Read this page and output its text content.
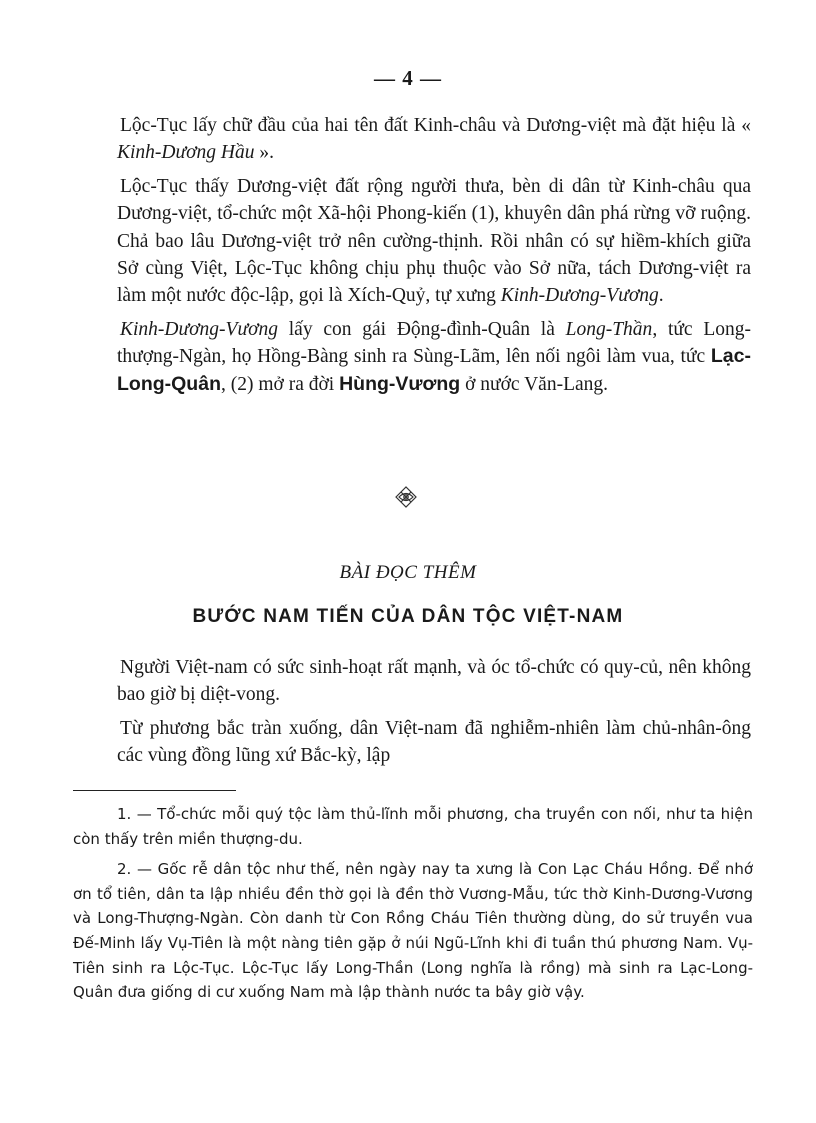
— 4 —

Lộc-Tục lấy chữ đầu của hai tên đất Kinh-châu và Dương-việt mà đặt hiệu là « Kinh-Dương Hầu ».

Lộc-Tục thấy Dương-việt đất rộng người thưa, bèn di dân từ Kinh-châu qua Dương-việt, tổ-chức một Xã-hội Phong-kiến (1), khuyên dân phá rừng vỡ ruộng. Chả bao lâu Dương-việt trở nên cường-thịnh. Rồi nhân có sự hiềm-khích giữa Sở cùng Việt, Lộc-Tục không chịu phụ thuộc vào Sở nữa, tách Dương-việt ra làm một nước độc-lập, gọi là Xích-Quỷ, tự xưng Kinh-Dương-Vương.

Kinh-Dương-Vương lấy con gái Động-đình-Quân là Long-Thần, tức Long-thượng-Ngàn, họ Hồng-Bàng sinh ra Sùng-Lãm, lên nối ngôi làm vua, tức Lạc-Long-Quân, (2) mở ra đời Hùng-Vương ở nước Văn-Lang.

BÀI ĐỌC THÊM
BƯỚC NAM TIẾN CỦA DÂN TỘC VIỆT-NAM

Người Việt-nam có sức sinh-hoạt rất mạnh, và óc tổ-chức có quy-củ, nên không bao giờ bị diệt-vong.

Từ phương bắc tràn xuống, dân Việt-nam đã nghiễm-nhiên làm chủ-nhân-ông các vùng đồng lũng xứ Bắc-kỳ, lập

1. — Tổ-chức mỗi quý tộc làm thủ-lĩnh mỗi phương, cha truyền con nối, như ta hiện còn thấy trên miền thượng-du.

2. — Gốc rễ dân tộc như thế, nên ngày nay ta xưng là Con Lạc Cháu Hồng. Để nhớ ơn tổ tiên, dân ta lập nhiều đền thờ gọi là đền thờ Vương-Mẫu, tức thờ Kinh-Dương-Vương và Long-Thượng-Ngàn. Còn danh từ Con Rồng Cháu Tiên thường dùng, do sử truyền vua Đế-Minh lấy Vụ-Tiên là một nàng tiên gặp ở núi Ngũ-Lĩnh khi đi tuần thú phương Nam. Vụ-Tiên sinh ra Lộc-Tục. Lộc-Tục lấy Long-Thần (Long nghĩa là rồng) mà sinh ra Lạc-Long-Quân đưa giống di cư xuống Nam mà lập thành nước ta bây giờ vậy.
